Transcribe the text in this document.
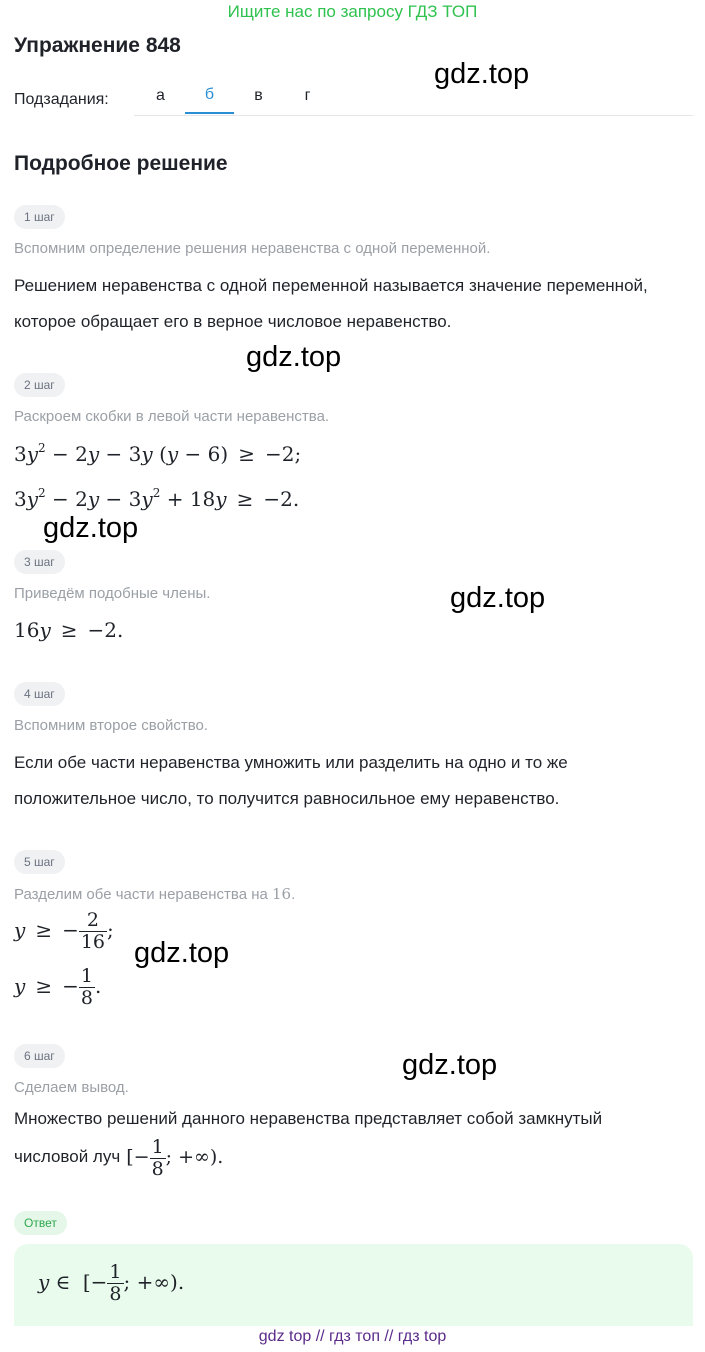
Ищите нас по запросу ГДЗ ТОП
Упражнение 848
Подзадания:	а	б	в	г
Подробное решение
1 шаг
Вспомним определение решения неравенства с одной переменной.
Решением неравенства с одной переменной называется значение переменной, которое обращает его в верное числовое неравенство.
2 шаг
Раскроем скобки в левой части неравенства.
$3y^2 - 2y - 3y$ (y − 6) ≥ −2;
$3y^2 - 2y - 3y^2 + 18y \ge -2$.
3 шаг
Приведём подобные члены.
16y ≥ −2.
4 шаг
Вспомним второе свойство.
Если обе части неравенства умножить или разделить на одно и то же положительное число, то получится равносильное ему неравенство.
5 шаг
Разделим обе части неравенства на 16.
y ≥ − $\frac{2}{16}$ ;
y ≥ − $\frac{1}{8}$ .
6 шаг
Сделаем вывод.
Множество решений данного неравенства представляет собой замкнутый
числовой луч [− $\frac{1}{8}$ ; +∞).
Ответ
y ∈ [− $\frac{1}{8}$ ; +∞).
gdz.top
gdz.top
gdz.top
gdz.top
gdz.top
gdz.top
gdz top // гдз топ // гдз top
